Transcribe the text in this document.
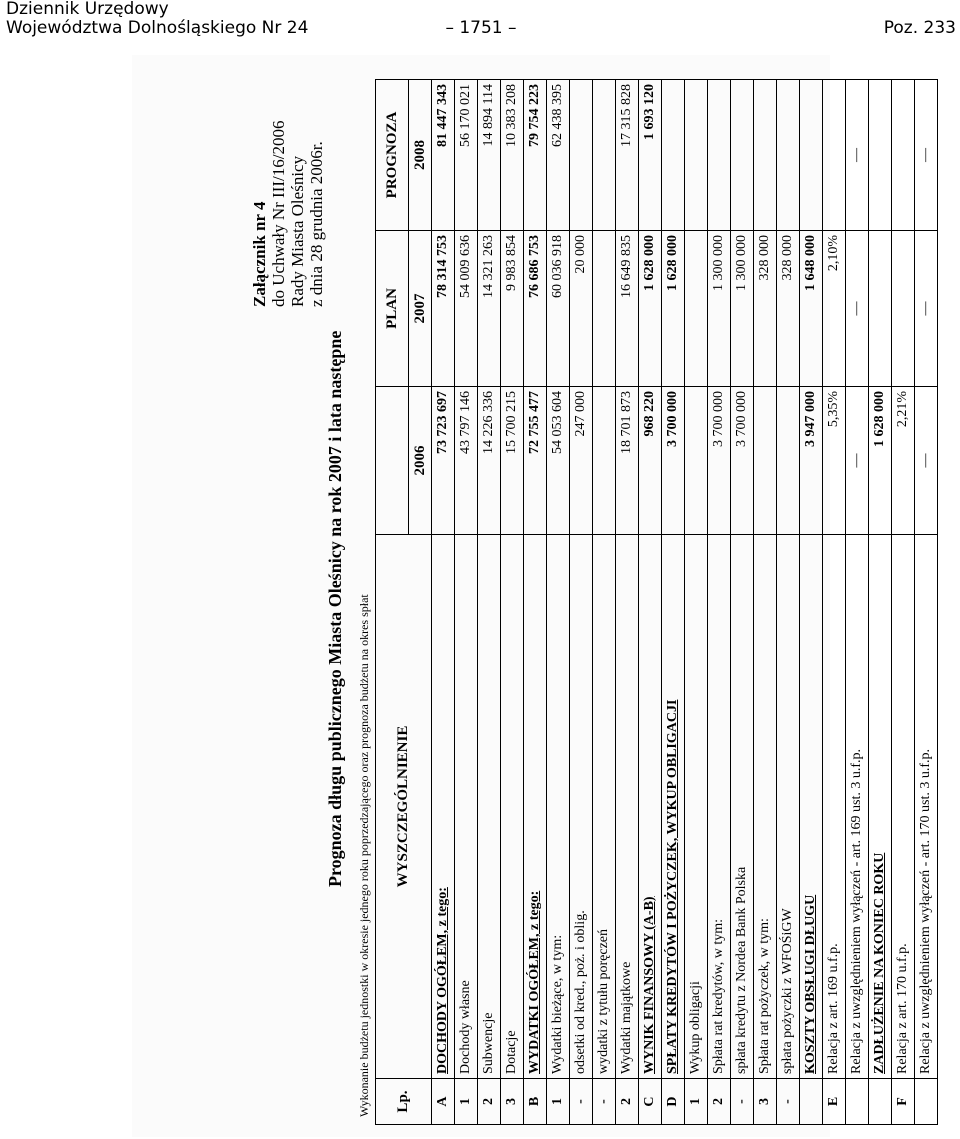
Dziennik Urzędowy
Województwa Dolnośląskiego Nr 24	– 1751 –	Poz. 233
Załącznik nr 4 do Uchwały Nr III/16/2006 Rady Miasta Oleśnicy z dnia 28 grudnia 2006r.
Prognoza długu publicznego Miasta Oleśnicy na rok 2007 i lata następne Wykonanie budżetu jednostki w okresie jednego roku poprzedzającego oraz prognoza budżetu na okres spłat Lp.	WYSZCZEGÓLNIENIE		PLAN	PROGNOZA
		2006	2007	2008
A	DOCHODY OGÓŁEM, z tego:	73 723 697	78 314 753	81 447 343
1	Dochody własne	43 797 146	54 009 636	56 170 021
2	Subwencje	14 226 336	14 321 263	14 894 114
3	Dotacje	15 700 215	9 983 854	10 383 208
B	WYDATKI OGÓŁEM, z tego:	72 755 477	76 686 753	79 754 223
1	Wydatki bieżące, w tym:	54 053 604	60 036 918	62 438 395
-	odsetki od kred., poż. i oblig.	247 000	20 000	
-	wydatki z tytułu poręczeń			
2	Wydatki majątkowe	18 701 873	16 649 835	17 315 828
C	WYNIK FINANSOWY (A-B)	968 220	1 628 000	1 693 120
D	SPŁATY KREDYTÓW I POŻYCZEK, WYKUP OBLIGACJI	3 700 000	1 628 000	
1	Wykup obligacji			
2	Spłata rat kredytów, w tym:	3 700 000	1 300 000	
-	spłata kredytu z Nordea Bank Polska	3 700 000	1 300 000	
3	Spłata rat pożyczek, w tym:		328 000	
-	spłata pożyczki z WFOŚiGW		328 000	
	KOSZTY OBSŁUGI DŁUGU	3 947 000	1 648 000	
E	Relacja z art. 169 u.f.p.	5,35%	2,10%	
	Relacja z uwzględnieniem wyłączeń - art. 169 ust. 3 u.f.p.	—	—	—
	ZADŁUŻENIE NA KONIEC ROKU	1 628 000		
F	Relacja z art. 170 u.f.p.	2,21%		
	Relacja z uwzględnieniem wyłączeń - art. 170 ust. 3 u.f.p.	—	—	—
